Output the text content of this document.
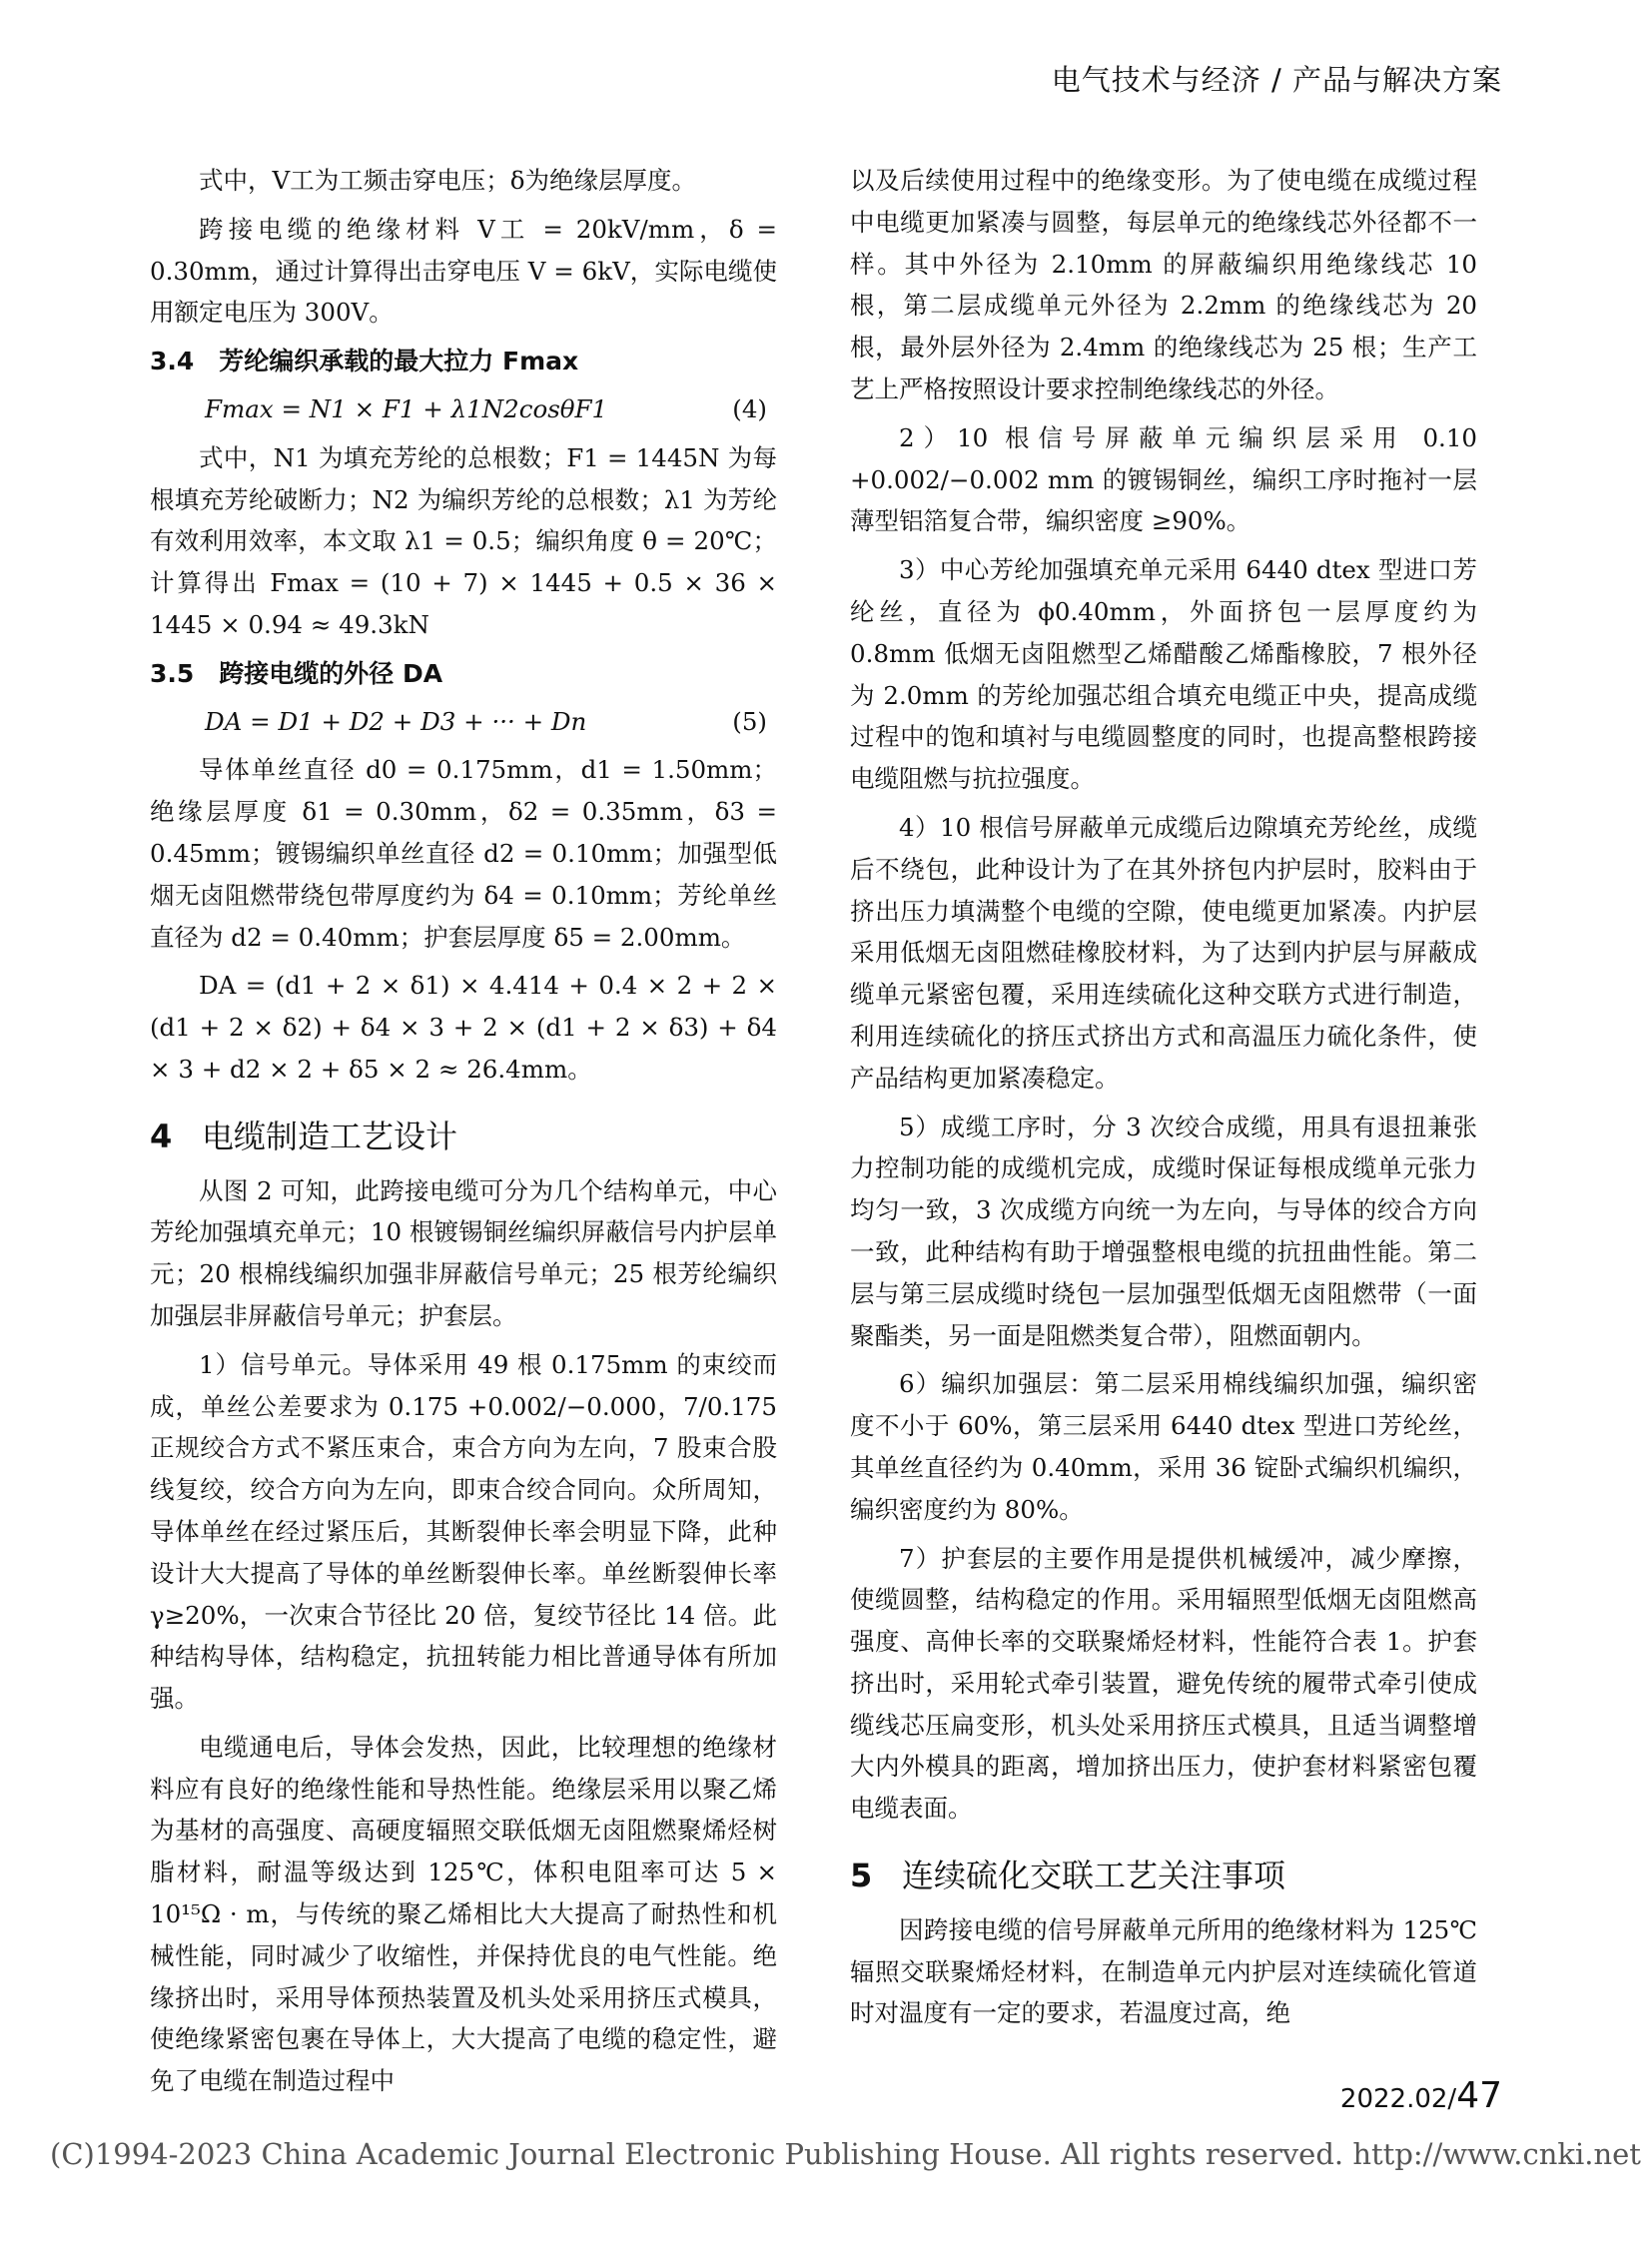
电气技术与经济 / 产品与解决方案

式中，V工为工频击穿电压；δ为绝缘层厚度。

跨接电缆的绝缘材料 V工 = 20kV/mm，δ = 0.30mm，通过计算得出击穿电压 V = 6kV，实际电缆使用额定电压为 300V。

3.4　芳纶编织承载的最大拉力 Fmax

Fmax = N1 × F1 + λ1N2cosθF1	(4)

式中，N1 为填充芳纶的总根数；F1 = 1445N 为每根填充芳纶破断力；N2 为编织芳纶的总根数；λ1 为芳纶有效利用效率，本文取 λ1 = 0.5；编织角度 θ = 20℃；计算得出 Fmax = (10 + 7) × 1445 + 0.5 × 36 × 1445 × 0.94 ≈ 49.3kN

3.5　跨接电缆的外径 DA

DA = D1 + D2 + D3 + ··· + Dn	(5)

导体单丝直径 d0 = 0.175mm，d1 = 1.50mm；绝缘层厚度 δ1 = 0.30mm，δ2 = 0.35mm，δ3 = 0.45mm；镀锡编织单丝直径 d2 = 0.10mm；加强型低烟无卤阻燃带绕包带厚度约为 δ4 = 0.10mm；芳纶单丝直径为 d2 = 0.40mm；护套层厚度 δ5 = 2.00mm。

DA = (d1 + 2 × δ1) × 4.414 + 0.4 × 2 + 2 × (d1 + 2 × δ2) + δ4 × 3 + 2 × (d1 + 2 × δ3) + δ4 × 3 + d2 × 2 + δ5 × 2 ≈ 26.4mm。

4 电缆制造工艺设计

从图 2 可知，此跨接电缆可分为几个结构单元，中心芳纶加强填充单元；10 根镀锡铜丝编织屏蔽信号内护层单元；20 根棉线编织加强非屏蔽信号单元；25 根芳纶编织加强层非屏蔽信号单元；护套层。

1）信号单元。导体采用 49 根 0.175mm 的束绞而成，单丝公差要求为 0.175 +0.002/−0.000，7/0.175 正规绞合方式不紧压束合，束合方向为左向，7 股束合股线复绞，绞合方向为左向，即束合绞合同向。众所周知，导体单丝在经过紧压后，其断裂伸长率会明显下降，此种设计大大提高了导体的单丝断裂伸长率。单丝断裂伸长率 γ≥20%，一次束合节径比 20 倍，复绞节径比 14 倍。此种结构导体，结构稳定，抗扭转能力相比普通导体有所加强。

电缆通电后，导体会发热，因此，比较理想的绝缘材料应有良好的绝缘性能和导热性能。绝缘层采用以聚乙烯为基材的高强度、高硬度辐照交联低烟无卤阻燃聚烯烃树脂材料，耐温等级达到 125℃，体积电阻率可达 5 × 10¹⁵Ω · m，与传统的聚乙烯相比大大提高了耐热性和机械性能，同时减少了收缩性，并保持优良的电气性能。绝缘挤出时，采用导体预热装置及机头处采用挤压式模具，使绝缘紧密包裹在导体上，大大提高了电缆的稳定性，避免了电缆在制造过程中

以及后续使用过程中的绝缘变形。为了使电缆在成缆过程中电缆更加紧凑与圆整，每层单元的绝缘线芯外径都不一样。其中外径为 2.10mm 的屏蔽编织用绝缘线芯 10 根，第二层成缆单元外径为 2.2mm 的绝缘线芯为 20 根，最外层外径为 2.4mm 的绝缘线芯为 25 根；生产工艺上严格按照设计要求控制绝缘线芯的外径。

2）10 根信号屏蔽单元编织层采用 0.10 +0.002/−0.002 mm 的镀锡铜丝，编织工序时拖衬一层薄型铝箔复合带，编织密度 ≥90%。

3）中心芳纶加强填充单元采用 6440 dtex 型进口芳纶丝，直径为 ϕ0.40mm，外面挤包一层厚度约为 0.8mm 低烟无卤阻燃型乙烯醋酸乙烯酯橡胶，7 根外径为 2.0mm 的芳纶加强芯组合填充电缆正中央，提高成缆过程中的饱和填衬与电缆圆整度的同时，也提高整根跨接电缆阻燃与抗拉强度。

4）10 根信号屏蔽单元成缆后边隙填充芳纶丝，成缆后不绕包，此种设计为了在其外挤包内护层时，胶料由于挤出压力填满整个电缆的空隙，使电缆更加紧凑。内护层采用低烟无卤阻燃硅橡胶材料，为了达到内护层与屏蔽成缆单元紧密包覆，采用连续硫化这种交联方式进行制造，利用连续硫化的挤压式挤出方式和高温压力硫化条件，使产品结构更加紧凑稳定。

5）成缆工序时，分 3 次绞合成缆，用具有退扭兼张力控制功能的成缆机完成，成缆时保证每根成缆单元张力均匀一致，3 次成缆方向统一为左向，与导体的绞合方向一致，此种结构有助于增强整根电缆的抗扭曲性能。第二层与第三层成缆时绕包一层加强型低烟无卤阻燃带（一面聚酯类，另一面是阻燃类复合带），阻燃面朝内。

6）编织加强层：第二层采用棉线编织加强，编织密度不小于 60%，第三层采用 6440 dtex 型进口芳纶丝，其单丝直径约为 0.40mm，采用 36 锭卧式编织机编织，编织密度约为 80%。

7）护套层的主要作用是提供机械缓冲，减少摩擦，使缆圆整，结构稳定的作用。采用辐照型低烟无卤阻燃高强度、高伸长率的交联聚烯烃材料，性能符合表 1。护套挤出时，采用轮式牵引装置，避免传统的履带式牵引使成缆线芯压扁变形，机头处采用挤压式模具，且适当调整增大内外模具的距离，增加挤出压力，使护套材料紧密包覆电缆表面。

5 连续硫化交联工艺关注事项

因跨接电缆的信号屏蔽单元所用的绝缘材料为 125℃ 辐照交联聚烯烃材料，在制造单元内护层对连续硫化管道时对温度有一定的要求，若温度过高，绝

2022.02/47
(C)1994-2023 China Academic Journal Electronic Publishing House. All rights reserved. http://www.cnki.net
